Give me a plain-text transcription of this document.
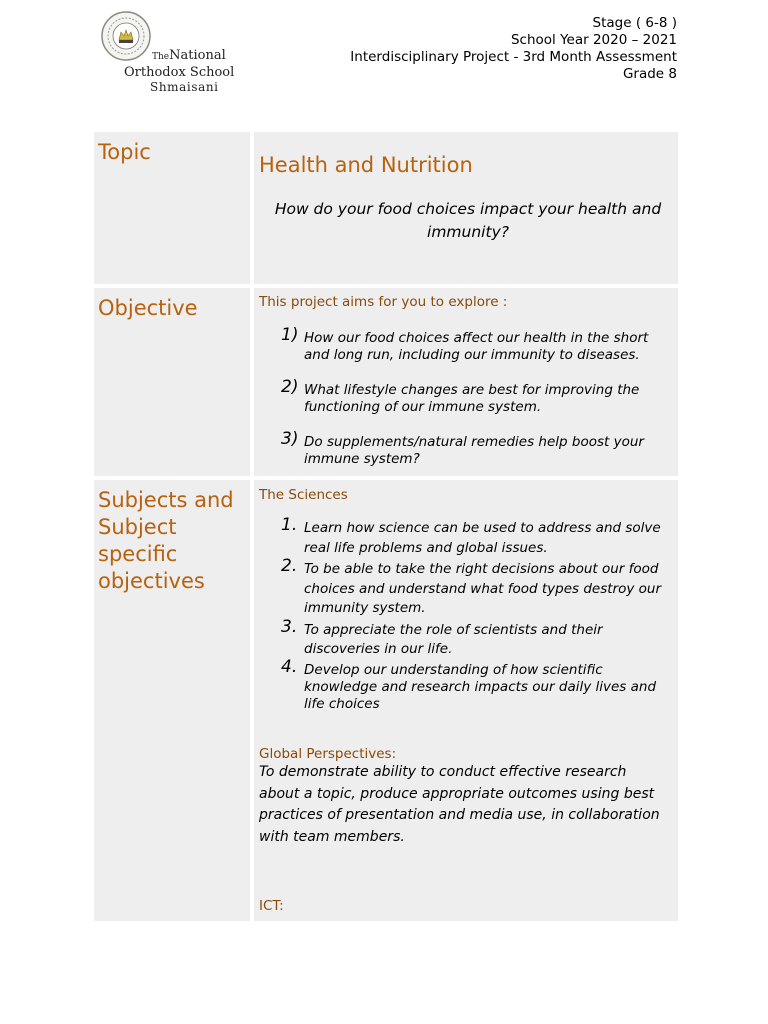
TheNational
Orthodox School
Shmaisani
Stage ( 6-8 )
School Year 2020 – 2021
Interdisciplinary Project - 3rd Month Assessment
Grade 8
Topic
Health and Nutrition
How do your food choices impact your health and immunity?
Objective	This project aims for you to explore :
1) How our food choices affect our health in the short and long run, including our immunity to diseases.
2) What lifestyle changes are best for improving the functioning of our immune system.
3) Do supplements/natural remedies help boost your immune system?
Subjects and Subject specific objectives
The Sciences
1. Learn how science can be used to address and solve real life problems and global issues.
2. To be able to take the right decisions about our food choices and understand what food types destroy our immunity system.
3. To appreciate the role of scientists and their discoveries in our life.
4. Develop our understanding of how scientific knowledge and research impacts our daily lives and life choices
Global Perspectives:
To demonstrate ability to conduct effective research about a topic, produce appropriate outcomes using best practices of presentation and media use, in collaboration with team members.
ICT:
